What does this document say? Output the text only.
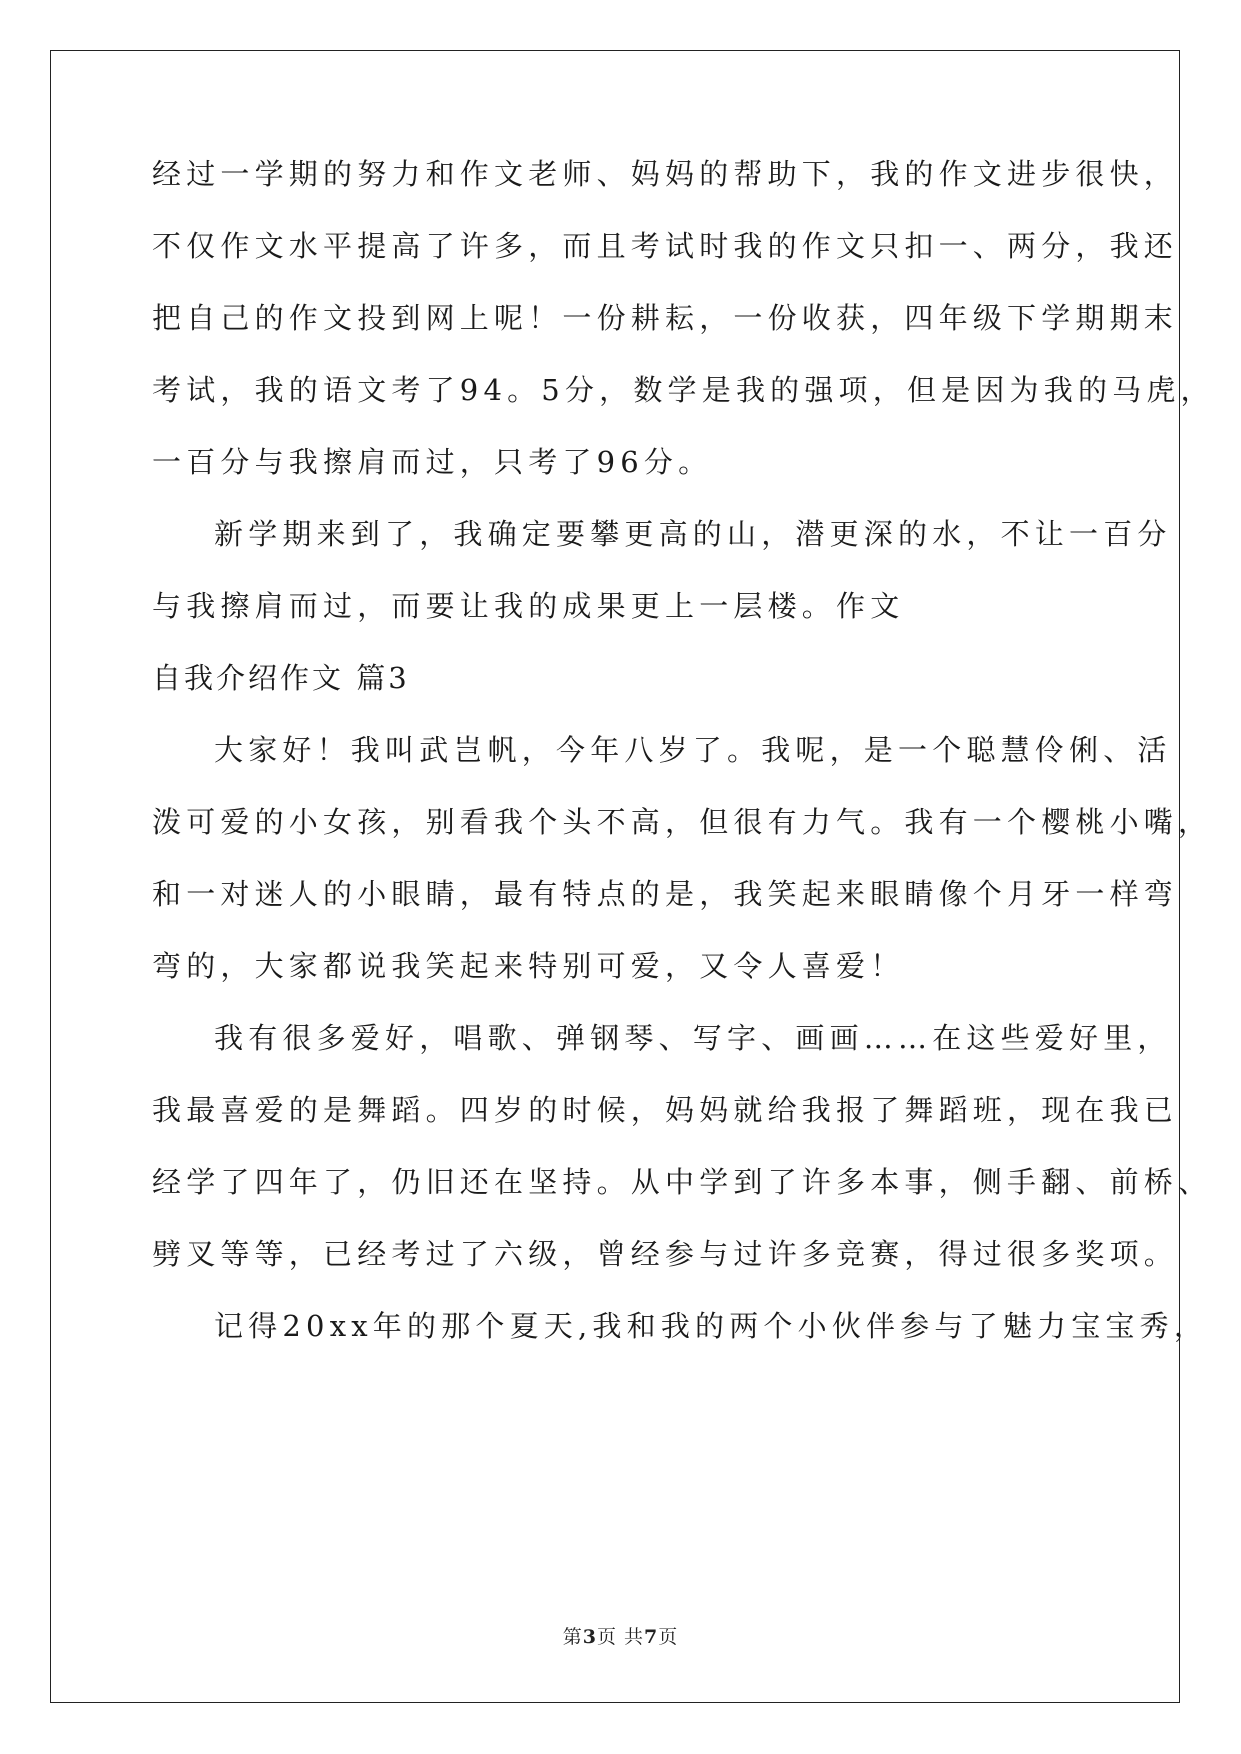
经过一学期的努力和作文老师、妈妈的帮助下，我的作文进步很快，
不仅作文水平提高了许多，而且考试时我的作文只扣一、两分，我还
把自己的作文投到网上呢！一份耕耘，一份收获，四年级下学期期末
考试，我的语文考了94。5分，数学是我的强项，但是因为我的马虎，
一百分与我擦肩而过，只考了96分。
新学期来到了，我确定要攀更高的山，潜更深的水，不让一百分
与我擦肩而过，而要让我的成果更上一层楼。作文
自我介绍作文 篇3
大家好！我叫武岂帆，今年八岁了。我呢，是一个聪慧伶俐、活
泼可爱的小女孩，别看我个头不高，但很有力气。我有一个樱桃小嘴，
和一对迷人的小眼睛，最有特点的是，我笑起来眼睛像个月牙一样弯
弯的，大家都说我笑起来特别可爱，又令人喜爱！
我有很多爱好，唱歌、弹钢琴、写字、画画……在这些爱好里，
我最喜爱的是舞蹈。四岁的时候，妈妈就给我报了舞蹈班，现在我已
经学了四年了，仍旧还在坚持。从中学到了许多本事，侧手翻、前桥、
劈叉等等，已经考过了六级，曾经参与过许多竞赛，得过很多奖项。
记得20xx年的那个夏天,我和我的两个小伙伴参与了魅力宝宝秀，
第3页 共7页
